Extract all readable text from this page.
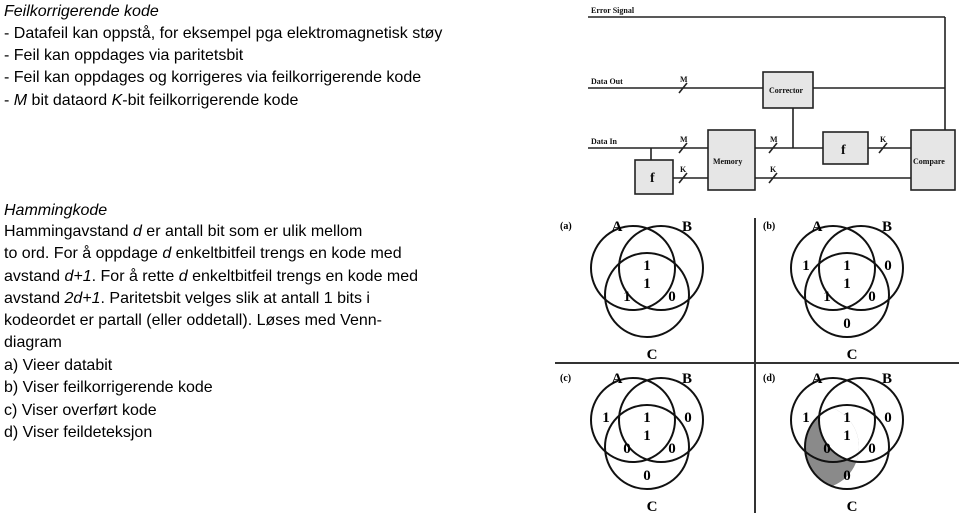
Feilkorrigerende kode
- Datafeil kan oppstå, for eksempel pga elektromagnetisk støy
- Feil kan oppdages via paritetsbit
- Feil kan oppdages og korrigeres via feilkorrigerende kode
- M bit dataord K-bit feilkorrigerende kode
Hammingkode
Hammingavstand d er antall bit som er ulik mellom
to ord. For å oppdage d enkeltbitfeil trengs en kode med
avstand d+1. For å rette d enkeltbitfeil trengs en kode med
avstand 2d+1. Paritetsbit velges slik at antall 1 bits i
kodeordet er partall (eller oddetall). Løses med Venn-
diagram
a) Vieer databit
b) Viser feilkorrigerende kode
c) Viser overført kode
d) Viser feildeteksjon
Error Signal
Data Out
Data In
Corrector
Memory	Compare
M
M
K
M
K
K
f
f
(a)	A	B
C
1
1
1	0
(b) A	B
C
1 1 0
1
1	0
0
(c)	A	B
C
1 1 0
1
0	0
0
(d) A	B
C
1 1 0
1
0	0
0
